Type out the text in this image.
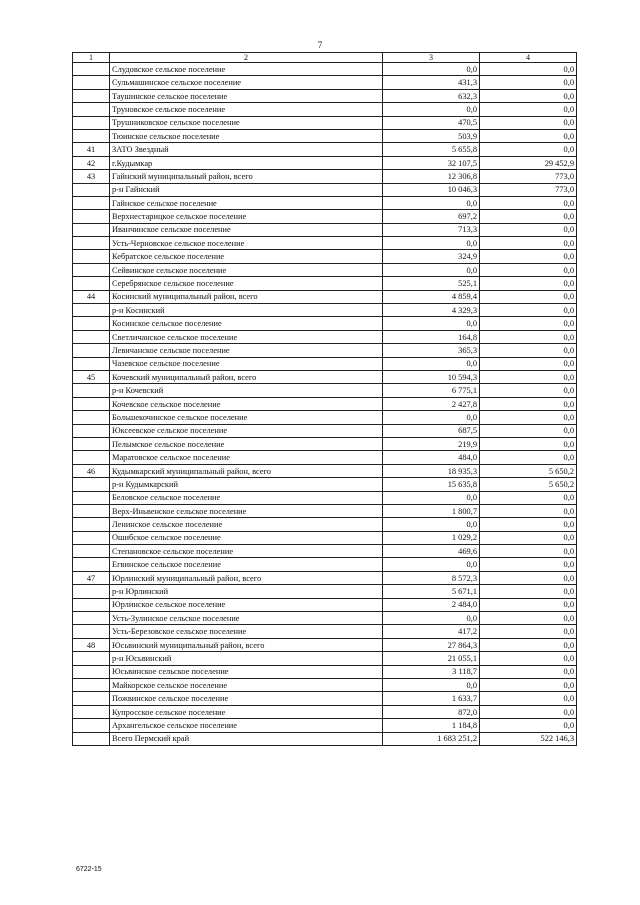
7
1	2	3	4
	Слудовское сельское поселение	0,0	0,0
	Сульмашинское сельское поселение	431,3	0,0
	Таушинское сельское поселение	632,3	0,0
	Труновское сельское поселение	0,0	0,0
	Трушниковское сельское поселение	470,5	0,0
	Тюинское сельское поселение	503,9	0,0
41	ЗАТО Звездный	5 655,8	0,0
42	г.Кудымкар	32 107,5	29 452,9
43	Гайнский муниципальный район, всего	12 306,8	773,0
	р-н Гайнский	10 046,3	773,0
	Гайнское сельское поселение	0,0	0,0
	Верхнестарицкое сельское поселение	697,2	0,0
	Иванчинское сельское поселение	713,3	0,0
	Усть-Черновское сельское поселение	0,0	0,0
	Кебратское сельское поселение	324,9	0,0
	Сейвинское сельское поселение	0,0	0,0
	Серебрянское сельское поселение	525,1	0,0
44	Косинский муниципальный район, всего	4 859,4	0,0
	р-н Косинский	4 329,3	0,0
	Косинское сельское поселение	0,0	0,0
	Светличанское сельское поселение	164,8	0,0
	Левичанское сельское поселение	365,3	0,0
	Чазевское сельское поселение	0,0	0,0
45	Кочевский муниципальный район, всего	10 594,3	0,0
	р-н Кочевский	6 775,1	0,0
	Кочевское сельское поселение	2 427,8	0,0
	Большекочинское сельское поселение	0,0	0,0
	Юксеевское сельское поселение	687,5	0,0
	Пелымское сельское поселение	219,9	0,0
	Маратовское сельское поселение	484,0	0,0
46	Кудымкарский муниципальный район, всего	18 935,3	5 650,2
	р-н Кудымкарский	15 635,8	5 650,2
	Беловское сельское поселение	0,0	0,0
	Верх-Иньвенское сельское поселение	1 800,7	0,0
	Ленинское сельское поселение	0,0	0,0
	Ошибское сельское поселение	1 029,2	0,0
	Степановское сельское поселение	469,6	0,0
	Егвинское сельское поселение	0,0	0,0
47	Юрлинский муниципальный район, всего	8 572,3	0,0
	р-н Юрлинский	5 671,1	0,0
	Юрлинское сельское поселение	2 484,0	0,0
	Усть-Зулинское сельское поселение	0,0	0,0
	Усть-Березовское сельское поселение	417,2	0,0
48	Юсьвинский муниципальный район, всего	27 864,3	0,0
	р-н Юсьвинский	21 055,1	0,0
	Юсьвинское сельское поселение	3 118,7	0,0
	Майкорское сельское поселение	0,0	0,0
	Пожвинское сельское поселение	1 633,7	0,0
	Купросское сельское поселение	872,0	0,0
	Архангельское сельское поселение	1 184,8	0,0
	Всего Пермский край	1 683 251,2	522 146,3
6722-15
